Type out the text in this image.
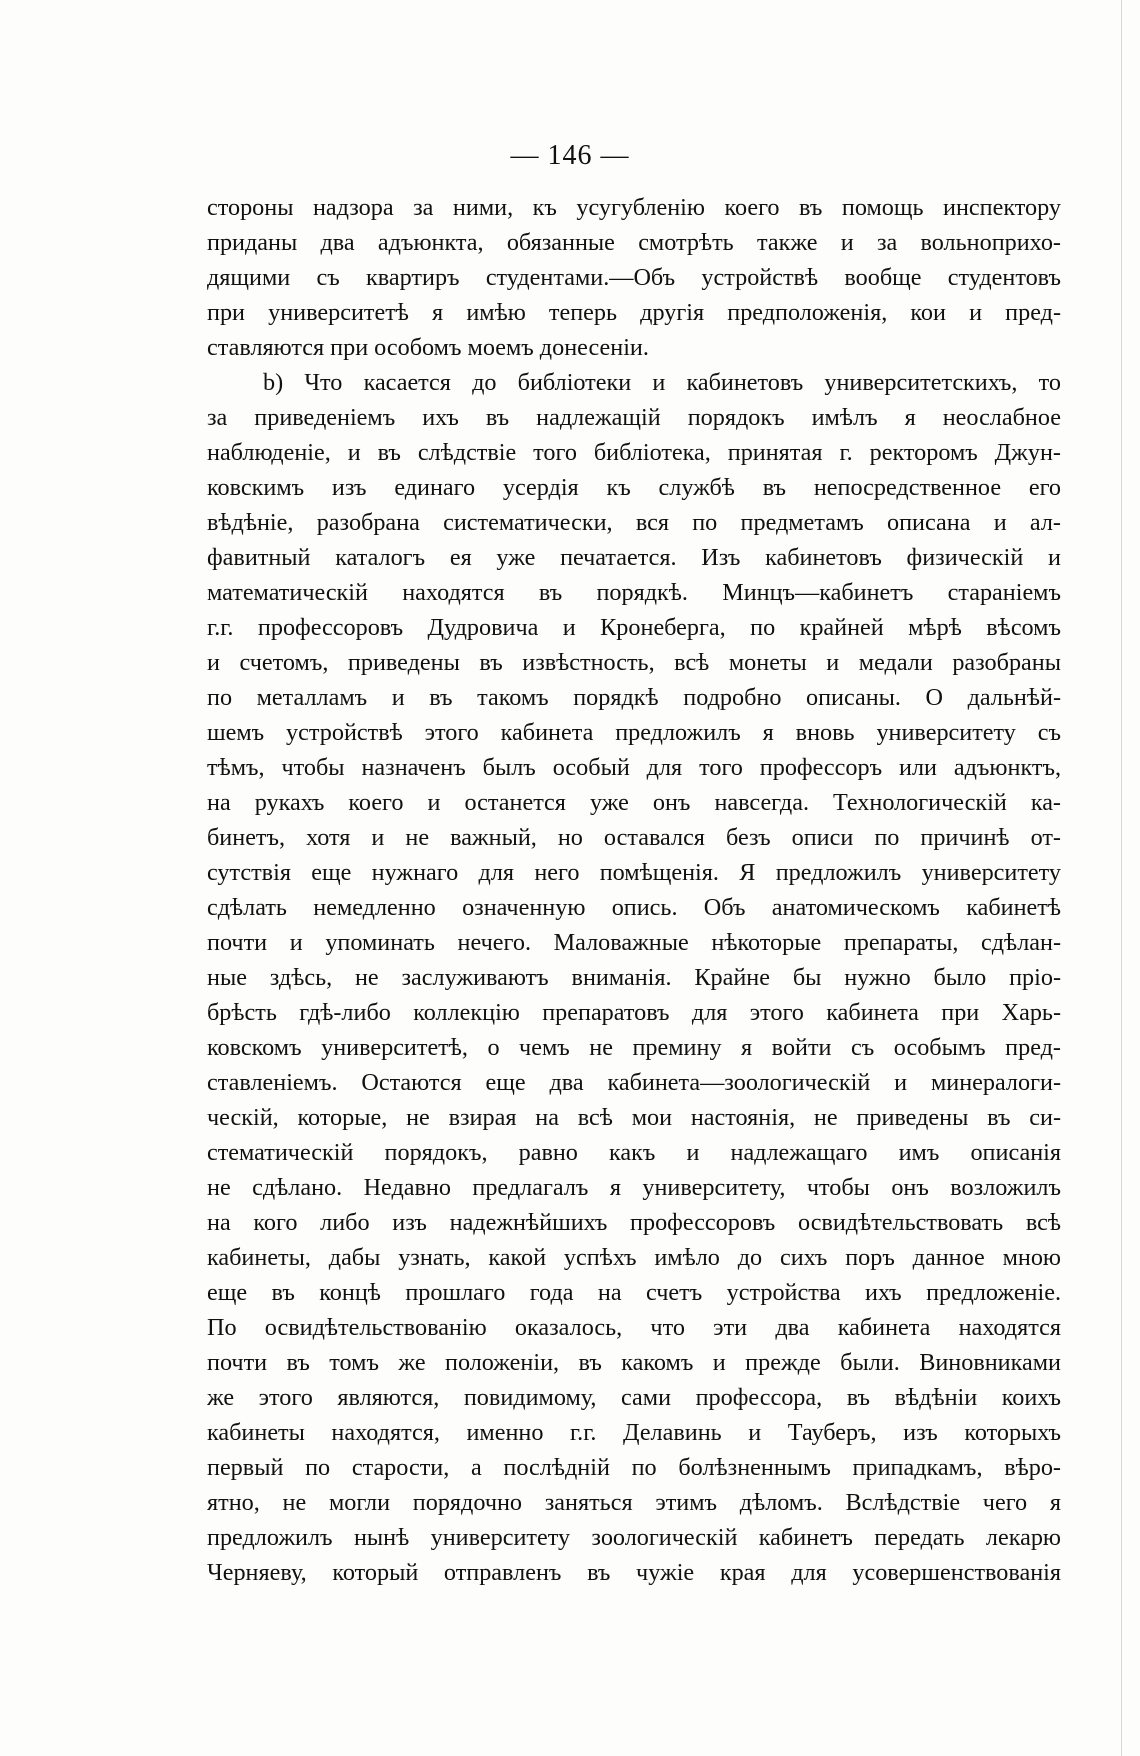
— 146 —
стороны надзора за ними, къ усугубленію коего въ помощь инспектору
приданы два адъюнкта, обязанные смотрѣть также и за вольноприхо-
дящими съ квартиръ студентами.—Объ устройствѣ вообще студентовъ
при университетѣ я имѣю теперь другія предположенія, кои и пред-
ставляются при особомъ моемъ донесеніи.
b) Что касается до библіотеки и кабинетовъ университетскихъ, то
за приведеніемъ ихъ въ надлежащій порядокъ имѣлъ я неослабное
наблюденіе, и въ слѣдствіе того библіотека, принятая г. ректоромъ Джун-
ковскимъ изъ единаго усердія къ службѣ въ непосредственное его
вѣдѣніе, разобрана систематически, вся по предметамъ описана и ал-
фавитный каталогъ ея уже печатается. Изъ кабинетовъ физическій и
математическій находятся въ порядкѣ. Минцъ—кабинетъ стараніемъ
г.г. профессоровъ Дудровича и Кронеберга, по крайней мѣрѣ вѣсомъ
и счетомъ, приведены въ извѣстность, всѣ монеты и медали разобраны
по металламъ и въ такомъ порядкѣ подробно описаны. О дальнѣй-
шемъ устройствѣ этого кабинета предложилъ я вновь университету съ
тѣмъ, чтобы назначенъ былъ особый для того профессоръ или адъюнктъ,
на рукахъ коего и останется уже онъ навсегда. Технологическій ка-
бинетъ, хотя и не важный, но оставался безъ описи по причинѣ от-
сутствія еще нужнаго для него помѣщенія. Я предложилъ университету
сдѣлать немедленно означенную опись. Объ анатомическомъ кабинетѣ
почти и упоминать нечего. Маловажные нѣкоторые препараты, сдѣлан-
ные здѣсь, не заслуживаютъ вниманія. Крайне бы нужно было пріо-
брѣсть гдѣ-либо коллекцію препаратовъ для этого кабинета при Харь-
ковскомъ университетѣ, о чемъ не премину я войти съ особымъ пред-
ставленіемъ. Остаются еще два кабинета—зоологическій и минералоги-
ческій, которые, не взирая на всѣ мои настоянія, не приведены въ си-
стематическій порядокъ, равно какъ и надлежащаго имъ описанія
не сдѣлано. Недавно предлагалъ я университету, чтобы онъ возложилъ
на кого либо изъ надежнѣйшихъ профессоровъ освидѣтельствовать всѣ
кабинеты, дабы узнать, какой успѣхъ имѣло до сихъ поръ данное мною
еще въ концѣ прошлаго года на счетъ устройства ихъ предложеніе.
По освидѣтельствованію оказалось, что эти два кабинета находятся
почти въ томъ же положеніи, въ какомъ и прежде были. Виновниками
же этого являются, повидимому, сами профессора, въ вѣдѣніи коихъ
кабинеты находятся, именно г.г. Делавинь и Тауберъ, изъ которыхъ
первый по старости, а послѣдній по болѣзненнымъ припадкамъ, вѣро-
ятно, не могли порядочно заняться этимъ дѣломъ. Вслѣдствіе чего я
предложилъ нынѣ университету зоологическій кабинетъ передать лекарю
Черняеву, который отправленъ въ чужіе края для усовершенствованія
